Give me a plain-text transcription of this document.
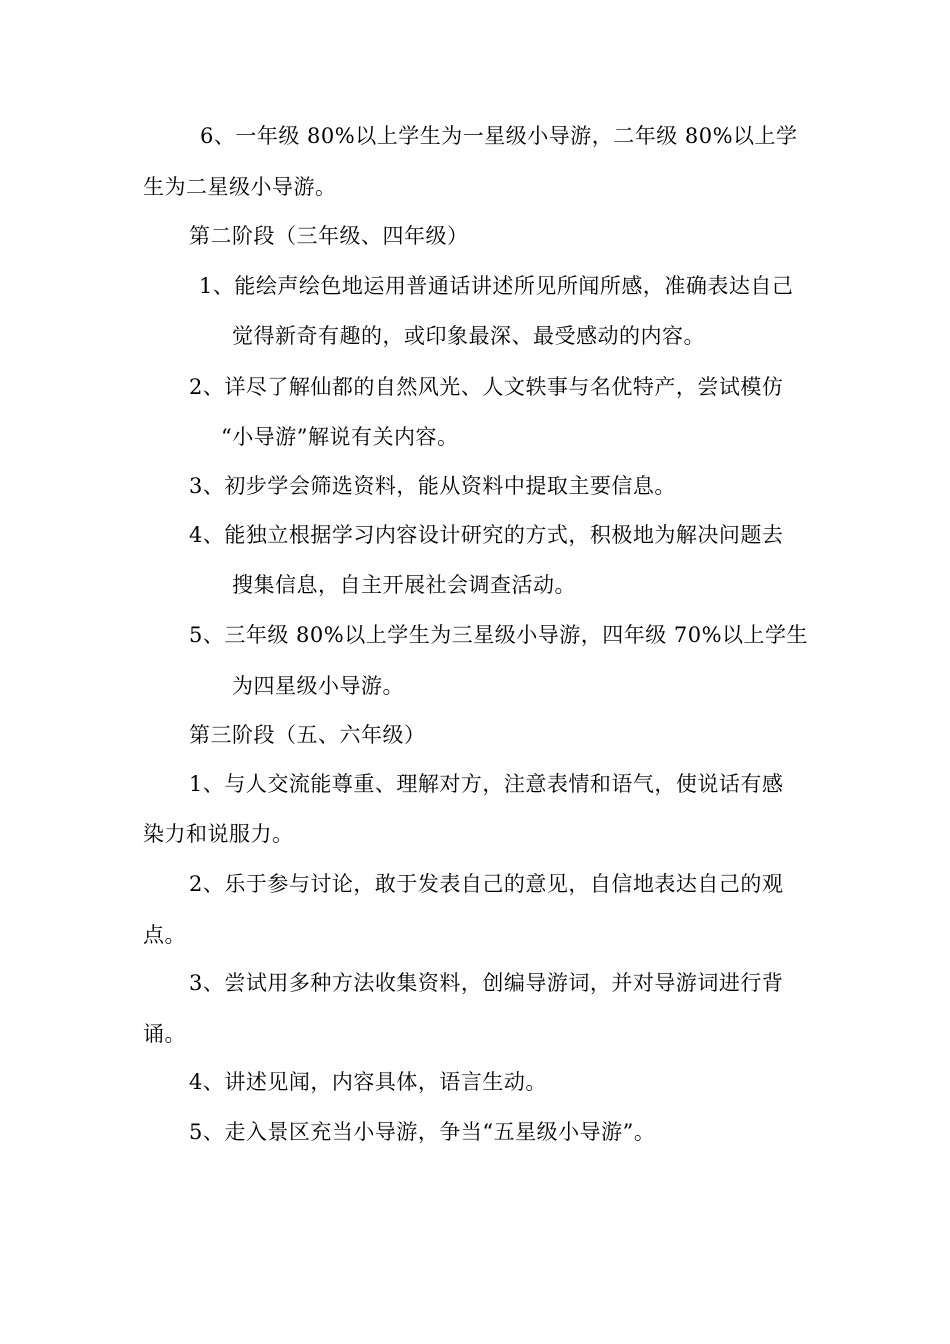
6、一年级 80%以上学生为一星级小导游，二年级 80%以上学
生为二星级小导游。
第二阶段（三年级、四年级）
1、能绘声绘色地运用普通话讲述所见所闻所感，准确表达自己
觉得新奇有趣的，或印象最深、最受感动的内容。
2、详尽了解仙都的自然风光、人文轶事与名优特产，尝试模仿
“小导游”解说有关内容。
3、初步学会筛选资料，能从资料中提取主要信息。
4、能独立根据学习内容设计研究的方式，积极地为解决问题去
搜集信息，自主开展社会调查活动。
5、三年级 80%以上学生为三星级小导游，四年级 70%以上学生
为四星级小导游。
第三阶段（五、六年级）
1、与人交流能尊重、理解对方，注意表情和语气，使说话有感
染力和说服力。
2、乐于参与讨论，敢于发表自己的意见，自信地表达自己的观
点。
3、尝试用多种方法收集资料，创编导游词，并对导游词进行背
诵。
4、讲述见闻，内容具体，语言生动。
5、走入景区充当小导游，争当“五星级小导游”。
